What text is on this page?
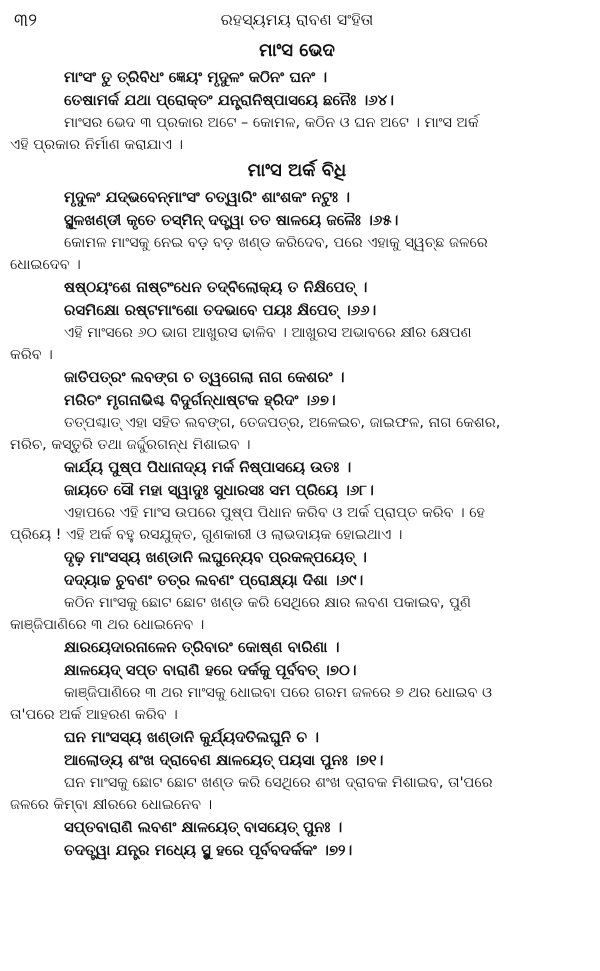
୩୨	ରହସ୍ୟମୟ ରାବଣ ସଂହିତା
ମାଂସ ଭେଦ
ମାଂସଂ ତୁ ତ୍ରିବିଧଂ ଜ୍ଞେୟଂ ମୃଦୁଳଂ କଠିନଂ ଘନଂ ।
ତେଷାମର୍କ ଯଥା ପ୍ରୋକ୍ତଂ ଯନ୍ତ୍ରାନିଷ୍ପାସୟେ ଛନୈଃ ।୬୪।
ମାଂସର ଭେଦ ୩ ପ୍ରକାର ଅଟେ – କୋମଳ, କଠିନ ଓ ଘନ ଅଟେ । ମାଂସ ଅର୍କ
ଏହି ପ୍ରକାର ନିର୍ମାଣ କରାଯାଏ ।
ମାଂସ ଅର୍କ ବିଧି
ମୃଦୁଳଂ ଯଦ୍ଭବେନ୍ମାଂସଂ ଚତ୍ୱାରିଂ ଶାଂଶକଂ ନଟୁଃ ।
ସ୍ଥୂଳଖଣ୍ଡୀ କୃତେ ତସ୍ମିନ୍ ଦତ୍ତ୍ୱା ତତ ଷାଳୟେ ଜଳୈଃ ।୬୫।
କୋମଳ ମାଂସକୁ ନେଇ ବଡ଼ ବଡ଼ ଖଣ୍ଡ କରିଦେବ, ପରେ ଏହାକୁ ସ୍ୱଚ୍ଛ ଜଳରେ
ଧୋଇଦେବ ।
ଷଷ୍ଠୟଂଶେ ନାଷ୍ଟଂଧେନ ତଦ୍ବିଲୋକ୍ୟ ତ ନିକ୍ଷିପେତ୍ ।
ରସମିକ୍ଷୋ ରଷ୍ଟମାଂଶୋ ତଦଭାବେ ପୟଃ କ୍ଷିପେତ୍ ।୬୬।
ଏହି ମାଂସରେ ୬୦ ଭାଗ ଆଖୁରସ ଢାଳିବ । ଆଖୁରସ ଅଭାବରେ କ୍ଷୀର କ୍ଷେପଣ
କରିବ ।
ଜାତିପତ୍ରଂ ଲବଙ୍ଗ ଚ ତ୍ୱଗେଲା ନାଗ କେଶରଂ ।
ମରିଚଂ ମୃଗନାଭିଶ୍ଚ ବିଦୁର୍ଗନ୍ଧାଷ୍ଟକ ହ୍ରିଦଂ ।୬୭।
ତତ୍ପଶ୍ଚାତ୍ ଏହା ସହିତ ଲବଙ୍ଗ, ତେଜପତ୍ର, ଅଳେଇଚ, ଜାଇଫଳ, ନାଗ କେଶର,
ମରିଚ, କସ୍ତୁରି ତଥା ଜର୍ଦ୍ଦୁରଗନ୍ଧ ମିଶାଇବ ।
କାର୍ଯ୍ୟ ପୁଷ୍ପ ପିଧାନାଦ୍ୟ ମର୍କ ନିଷ୍ପାସୟେ ଉତଃ ।
ଜାୟତେ ସୌ ମହା ସ୍ୱାଦୁଃ ସୁଧାରସଃ ସମ ପ୍ରିୟେ ।୬୮।
ଏହାପରେ ଏହି ମାଂସ ଉପରେ ପୁଷ୍ପ ପିଧାନ କରିବ ଓ ଅର୍କ ପ୍ରାପ୍ତ କରିବ । ହେ
ପ୍ରିୟେ ! ଏହି ଅର୍କ ବହୁ ରସଯୁକ୍ତ, ଗୁଣକାରୀ ଓ ଲାଭଦାୟକ ହୋଇଥାଏ ।
ଦୃଢ଼ ମାଂସସ୍ୟ ଖଣ୍ଡାନି ଲଘୁନ୍ୟେବ ପ୍ରକଳ୍ପୟେତ୍ ।
ଦଦ୍ୟାଚ୍ଚ ଚୁବଣଂ ତତ୍ର ଲବଣଂ ପ୍ରୋକ୍ଷ୍ୟା ଦିଶା ।୬୯।
କଠିନ ମାଂସକୁ ଛୋଟ ଛୋଟ ଖଣ୍ଡ କରି ସେଥିରେ କ୍ଷାର ଲବଣ ପକାଇବ, ପୁଣି
କାଞ୍ଜିପାଣିରେ ୩ ଥର ଧୋଇନେବ ।
କ୍ଷାରୟେଦାରନାଳେନ ତ୍ରିବାରଂ କୋଷ୍ଣ ବାରିଣା ।
କ୍ଷାଳୟେଦ୍ ସପ୍ତ ବାରାଣି ହରେ ଦର୍କକୁ ପୂର୍ବବତ୍ ।୭୦।
କାଞ୍ଜିପାଣିରେ ୩ ଥର ମାଂସକୁ ଧୋଇବା ପରେ ଗରମ ଜଳରେ ୭ ଥର ଧୋଇବ ଓ
ତା'ପରେ ଅର୍କ ଆହରଣ କରିବ ।
ଘନ ମାଂସସ୍ୟ ଖଣ୍ଡାନି କୁର୍ଯ୍ୟଦତିଲଘୁନି ଚ ।
ଆଲୋଡ୍ୟ ଶଂଖ ଦ୍ରାବେଣ କ୍ଷାଳୟେତ୍ ପୟସା ପୁନଃ ।୭୧।
ଘନ ମାଂସକୁ ଛୋଟ ଛୋଟ ଖଣ୍ଡ କରି ସେଥିରେ ଶଂଖ ଦ୍ରାବକ ମିଶାଇବ, ତା'ପରେ
ଜଳରେ କିମ୍ବା କ୍ଷୀରରେ ଧୋଇନେବ ।
ସପ୍ତବାରାଣି ଲବଣଂ କ୍ଷାଳୟେତ୍ ବାସୟେତ୍ ପୁନଃ ।
ତଦତ୍ତ୍ୱା ଯନ୍ତ୍ର ମଧ୍ୟେ ସ୍ଥୁ ହରେ ପୂର୍ବବଦର୍କକଂ ।୭୨।
